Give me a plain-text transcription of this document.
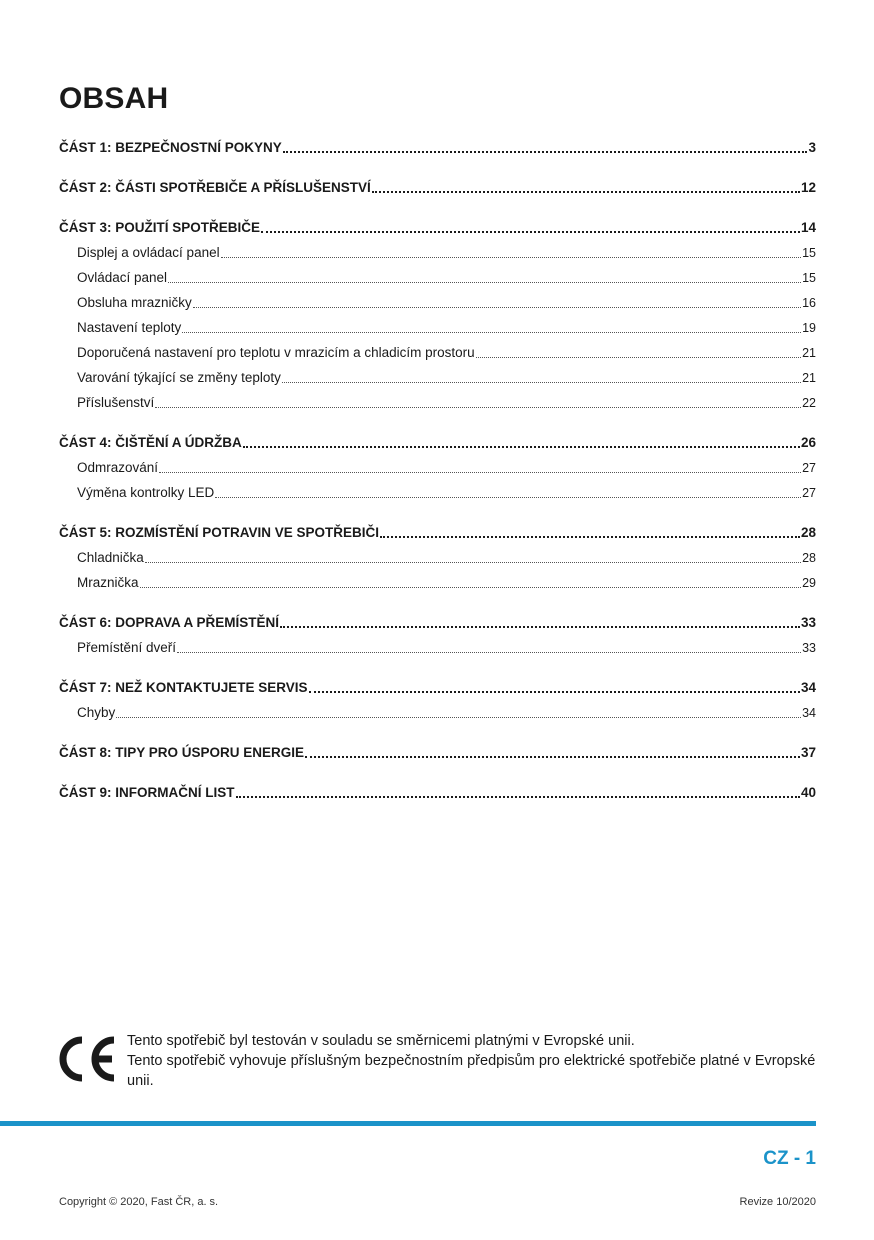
OBSAH
ČÁST 1: BEZPEČNOSTNÍ POKYNY	3
ČÁST 2: ČÁSTI SPOTŘEBIČE A PŘÍSLUŠENSTVÍ	12
ČÁST 3: POUŽITÍ SPOTŘEBIČE	14
Displej a ovládací panel	15
Ovládací panel	15
Obsluha mrazničky	16
Nastavení teploty	19
Doporučená nastavení pro teplotu v mrazicím a chladicím prostoru	21
Varování týkající se změny teploty	21
Příslušenství	22
ČÁST 4: ČIŠTĚNÍ A ÚDRŽBA	26
Odmrazování	27
Výměna kontrolky LED	27
ČÁST 5: ROZMÍSTĚNÍ POTRAVIN VE SPOTŘEBIČI	28
Chladnička	28
Mraznička	29
ČÁST 6: DOPRAVA A PŘEMÍSTĚNÍ	33
Přemístění dveří	33
ČÁST 7: NEŽ KONTAKTUJETE SERVIS	34
Chyby	34
ČÁST 8: TIPY PRO ÚSPORU ENERGIE	37
ČÁST 9: INFORMAČNÍ LIST	40

Tento spotřebič byl testován v souladu se směrnicemi platnými v Evropské unii.

Tento spotřebič vyhovuje příslušným bezpečnostním předpisům pro elektrické spotřebiče platné v Evropské unii.

CZ - 1
Copyright © 2020, Fast ČR, a. s.	Revize 10/2020
